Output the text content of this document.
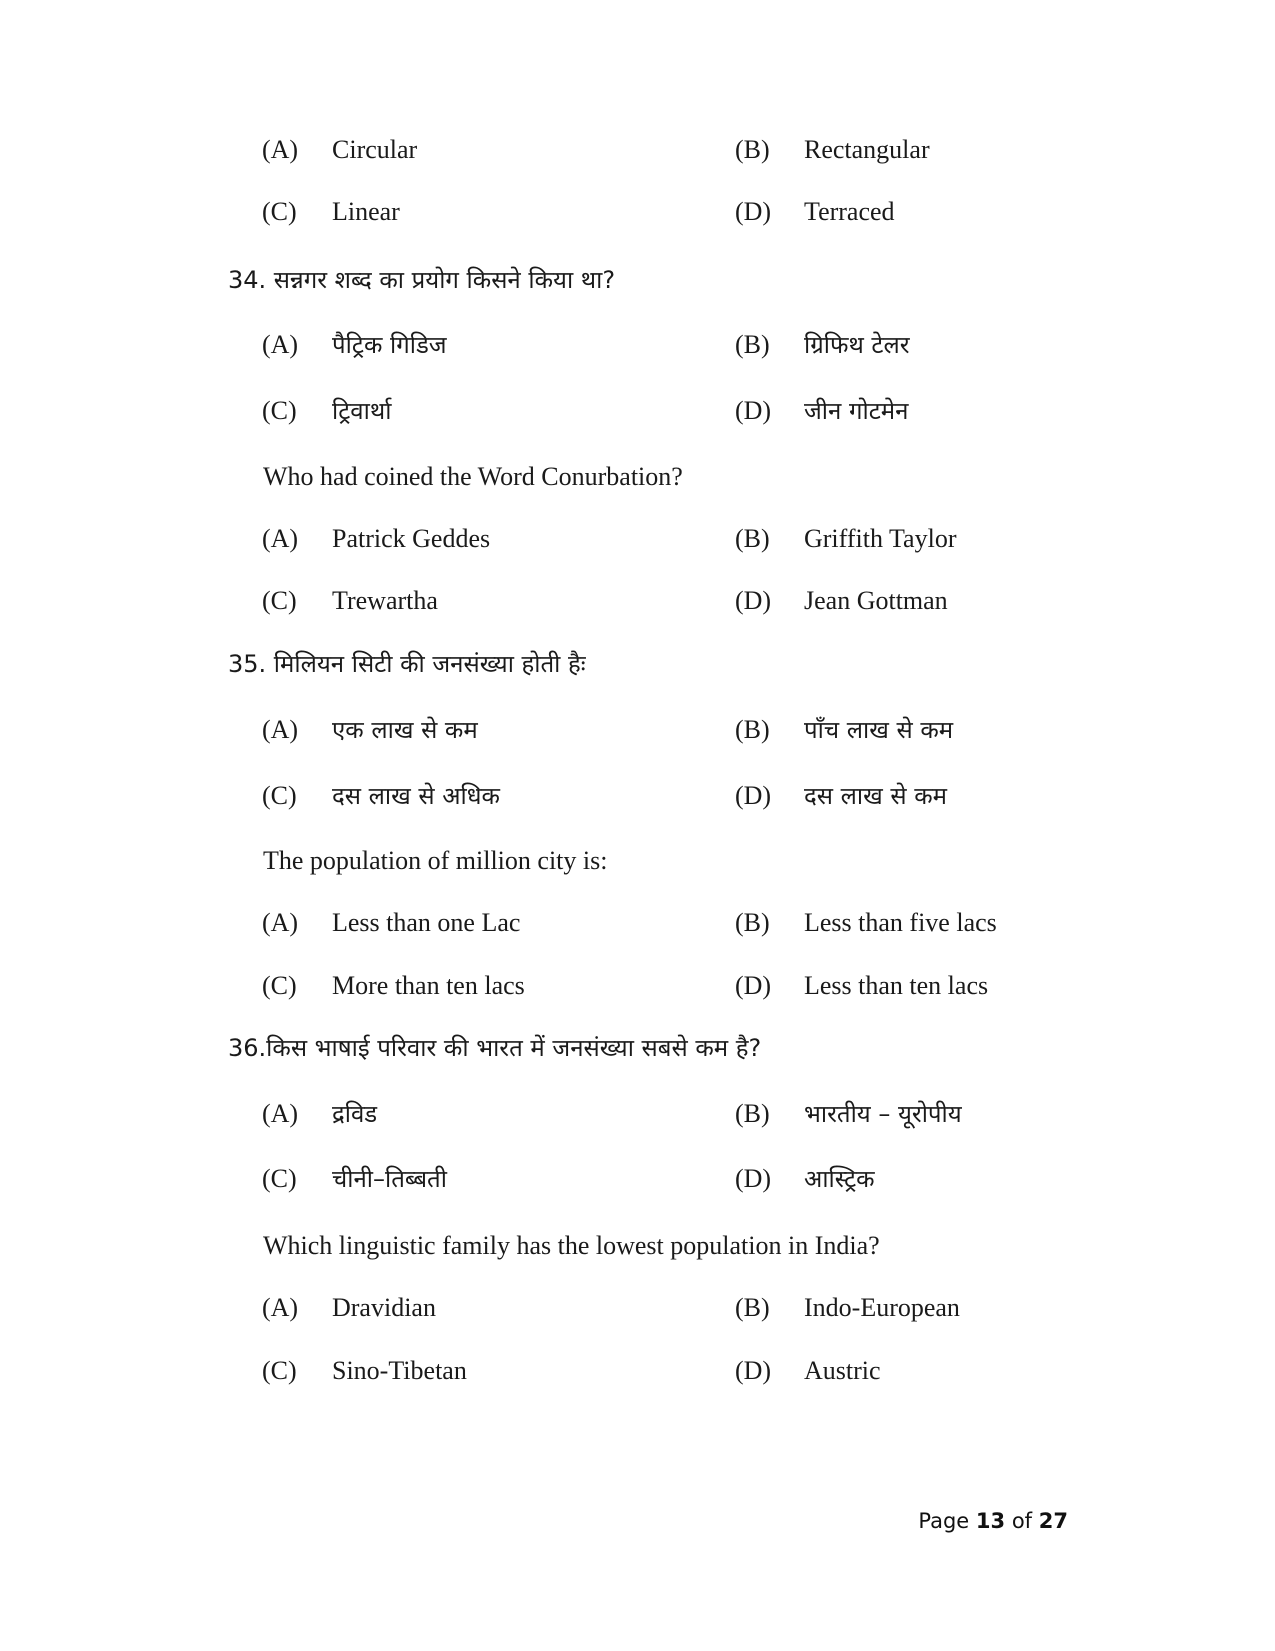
(A) Circular	(B) Rectangular
(C) Linear	(D) Terraced
34. सन्नगर शब्द का प्रयोग किसने किया था?
(A) पैट्रिक गिडिज	(B) ग्रिफिथ टेलर
(C) ट्रिवार्था	(D) जीन गोटमेन
Who had coined the Word Conurbation?
(A) Patrick Geddes	(B) Griffith Taylor
(C) Trewartha	(D) Jean Gottman
35. मिलियन सिटी की जनसंख्या होती हैः
(A) एक लाख से कम	(B) पाँच लाख से कम
(C) दस लाख से अधिक	(D) दस लाख से कम
The population of million city is:
(A) Less than one Lac	(B) Less than five lacs
(C) More than ten lacs	(D) Less than ten lacs
36.किस भाषाई परिवार की भारत में जनसंख्या सबसे कम है?
(A) द्रविड	(B) भारतीय – यूरोपीय
(C) चीनी–तिब्बती	(D) आस्ट्रिक
Which linguistic family has the lowest population in India?
(A) Dravidian	(B) Indo-European
(C) Sino-Tibetan	(D) Austric
Page 13 of 27
